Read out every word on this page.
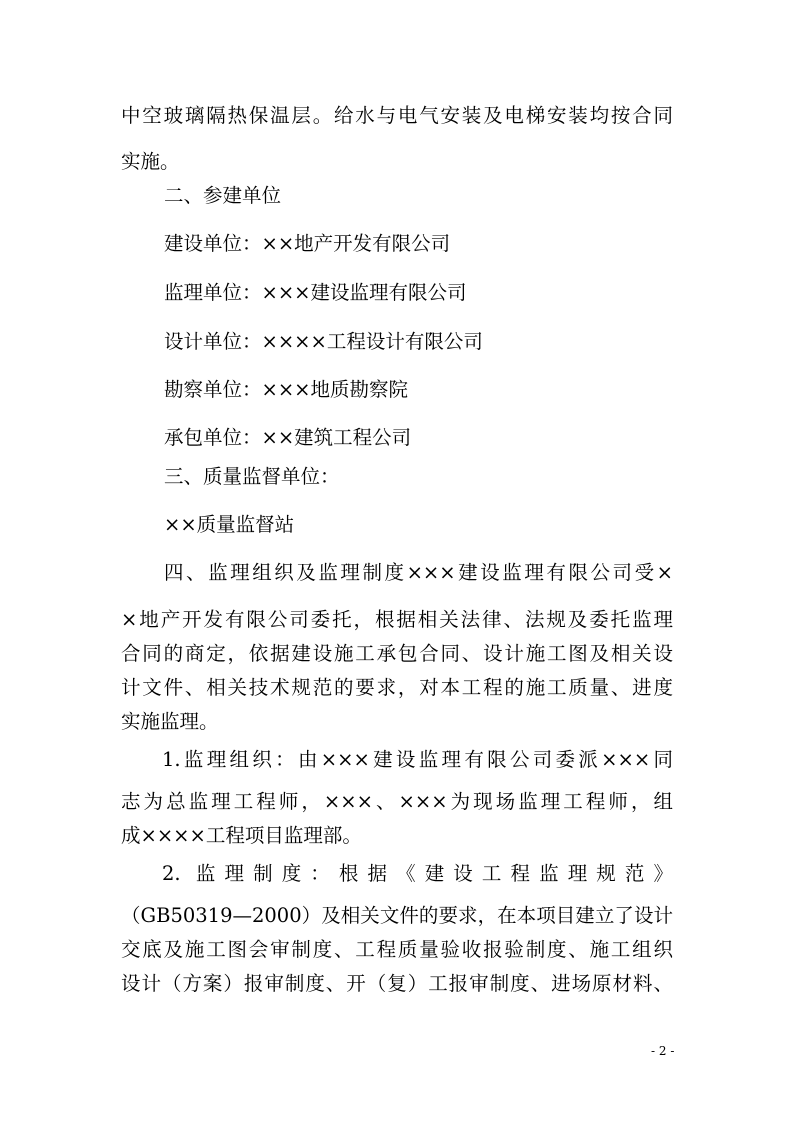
中空玻璃隔热保温层。给水与电气安装及电梯安装均按合同

实施。

二、参建单位

建设单位：××地产开发有限公司

监理单位：×××建设监理有限公司

设计单位：××××工程设计有限公司

勘察单位：×××地质勘察院

承包单位：××建筑工程公司

三、质量监督单位：

××质量监督站

四、监理组织及监理制度×××建设监理有限公司受×

×地产开发有限公司委托，根据相关法律、法规及委托监理

合同的商定，依据建设施工承包合同、设计施工图及相关设

计文件、相关技术规范的要求，对本工程的施工质量、进度

实施监理。

1.监理组织：由×××建设监理有限公司委派×××同

志为总监理工程师，×××、×××为现场监理工程师，组

成××××工程项目监理部。

2. 监理制度：根据《建设工程监理规范》

（GB50319—2000）及相关文件的要求，在本项目建立了设计

交底及施工图会审制度、工程质量验收报验制度、施工组织

设计（方案）报审制度、开（复）工报审制度、进场原材料、

- 2 -
